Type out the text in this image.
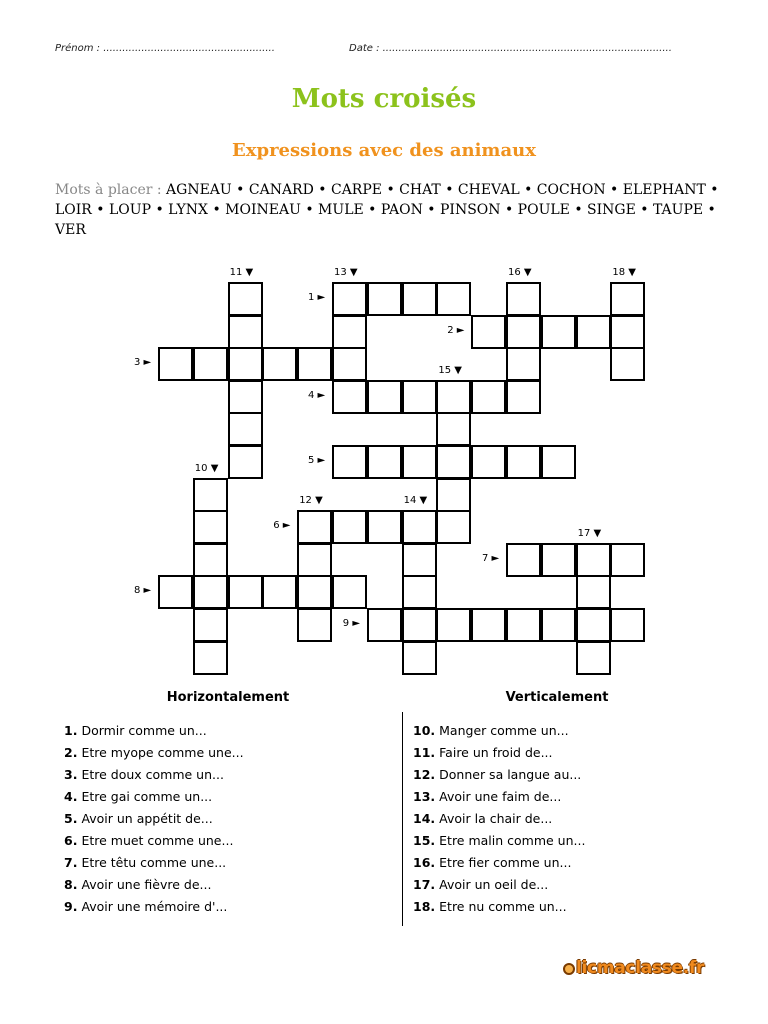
Prénom : ......................................................	Date : ...........................................................................................
Mots croisés
Expressions avec des animaux
Mots à placer : AGNEAU • CANARD • CARPE • CHAT • CHEVAL • COCHON • ELEPHANT • LOIR • LOUP • LYNX • MOINEAU • MULE • PAON • PINSON • POULE • SINGE • TAUPE • VER
11 ▼	13 ▼	16 ▼	18 ▼
1 ►
2 ►
3 ►
15 ▼
4 ►
5 ►
10 ▼
12 ▼	14 ▼
6 ►
17 ▼
7 ►
8 ►
9 ►
Horizontalement	Verticalement
1. Dormir comme un...
2. Etre myope comme une...
3. Etre doux comme un...
4. Etre gai comme un...
5. Avoir un appétit de...
6. Etre muet comme une...
7. Etre têtu comme une...
8. Avoir une fièvre de...
9. Avoir une mémoire d'...
10. Manger comme un...
11. Faire un froid de...
12. Donner sa langue au...
13. Avoir une faim de...
14. Avoir la chair de...
15. Etre malin comme un...
16. Etre fier comme un...
17. Avoir un oeil de...
18. Etre nu comme un...
licmaclasse.fr
